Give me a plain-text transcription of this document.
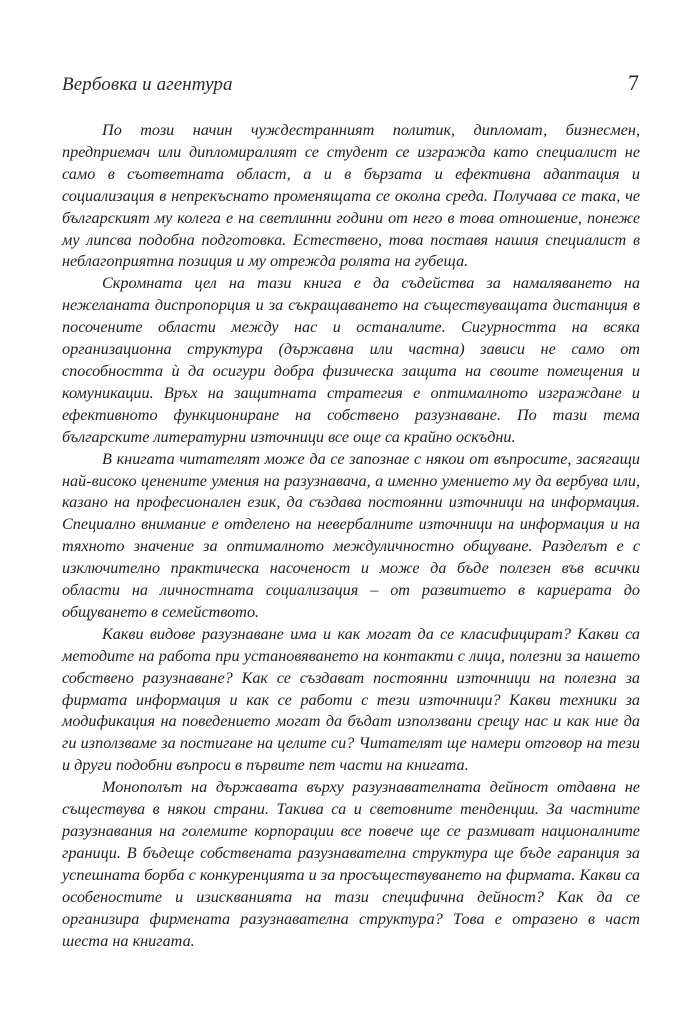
Вербовка и агентура	7

По този начин чуждестранният политик, дипломат, бизнесмен, предприемач или дипломиралият се студент се изгражда като специалист не само в съответната област, а и в бързата и ефективна адаптация и социализация в непрекъснато променящата се околна среда. Получава се така, че българският му колега е на светлинни години от него в това отношение, понеже му липсва подобна подготовка. Естествено, това поставя нашия специалист в неблагоприятна позиция и му отрежда ролята на губеща.

Скромната цел на тази книга е да съдейства за намаляването на нежеланата диспропорция и за съкращаването на съществуващата дистанция в посочените области между нас и останалите. Сигурността на всяка организационна структура (държавна или частна) зависи не само от способността ѝ да осигури добра физическа защита на своите помещения и комуникации. Връх на защитната стратегия е оптималното изграждане и ефективното функциониране на собствено разузнаване. По тази тема българските литературни източници все още са крайно оскъдни.

В книгата читателят може да се запознае с някои от въпросите, засягащи най-високо ценените умения на разузнавача, а именно умението му да вербува или, казано на професионален език, да създава постоянни източници на информация. Специално внимание е отделено на невербалните източници на информация и на тяхното значение за оптималното междуличностно общуване. Разделът е с изключително практическа насоченост и може да бъде полезен във всички области на личностната социализация – от развитието в кариерата до общуването в семейството.

Какви видове разузнаване има и как могат да се класифицират? Какви са методите на работа при установяването на контакти с лица, полезни за нашето собствено разузнаване? Как се създават постоянни източници на полезна за фирмата информация и как се работи с тези източници? Какви техники за модификация на поведението могат да бъдат използвани срещу нас и как ние да ги използваме за постигане на целите си? Читателят ще намери отговор на тези и други подобни въпроси в първите пет части на книгата.

Монополът на държавата върху разузнавателната дейност отдавна не съществува в някои страни. Такива са и световните тенденции. За частните разузнавания на големите корпорации все повече ще се размиват националните граници. В бъдеще собствената разузнавателна структура ще бъде гаранция за успешната борба с конкуренцията и за просъществуването на фирмата. Какви са особеностите и изискванията на тази специфична дейност? Как да се организира фирмената разузнавателна структура? Това е отразено в част шеста на книгата.
